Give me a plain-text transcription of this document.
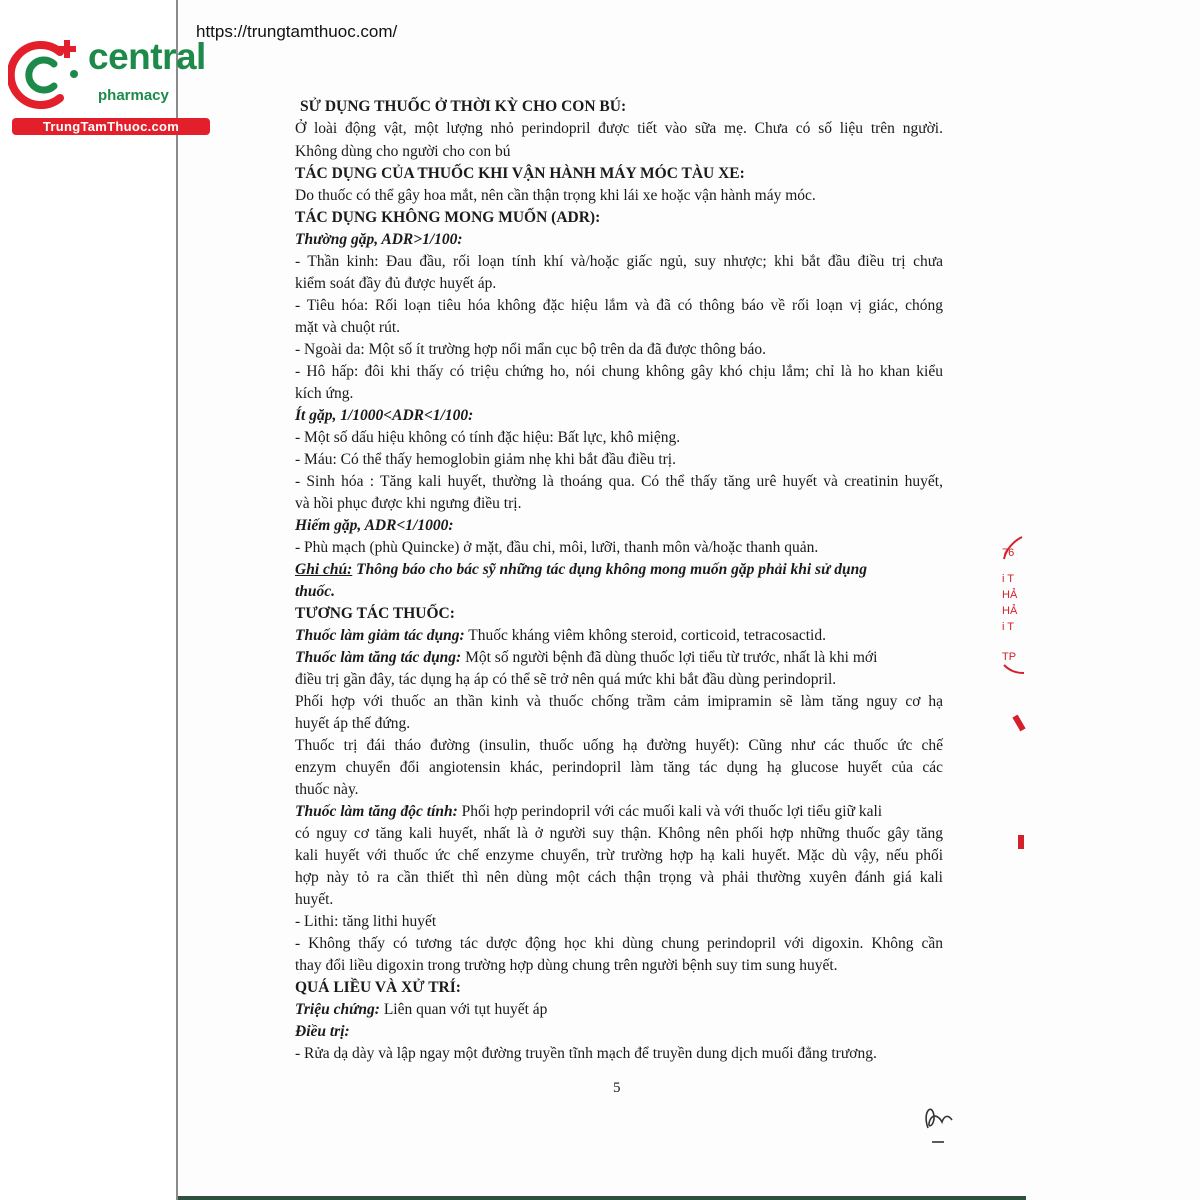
https://trungtamthuoc.com/
central
pharmacy
TrungTamThuoc.com
SỬ DỤNG THUỐC Ở THỜI KỲ CHO CON BÚ:
Ở loài động vật, một lượng nhỏ perindopril được tiết vào sữa mẹ. Chưa có số liệu trên người.
Không dùng cho người cho con bú
TÁC DỤNG CỦA THUỐC KHI VẬN HÀNH MÁY MÓC TÀU XE:
Do thuốc có thể gây hoa mắt, nên cần thận trọng khi lái xe hoặc vận hành máy móc.
TÁC DỤNG KHÔNG MONG MUỐN (ADR):
Thường gặp, ADR>1/100:
- Thần kinh: Đau đầu, rối loạn tính khí và/hoặc giấc ngủ, suy nhược; khi bắt đầu điều trị chưa
kiểm soát đầy đủ được huyết áp.
- Tiêu hóa: Rối loạn tiêu hóa không đặc hiệu lắm và đã có thông báo về rối loạn vị giác, chóng
mặt và chuột rút.
- Ngoài da: Một số ít trường hợp nổi mẩn cục bộ trên da đã được thông báo.
- Hô hấp: đôi khi thấy có triệu chứng ho, nói chung không gây khó chịu lắm; chỉ là ho khan kiểu
kích ứng.
Ít gặp, 1/1000<ADR<1/100:
- Một số dấu hiệu không có tính đặc hiệu: Bất lực, khô miệng.
- Máu: Có thể thấy hemoglobin giảm nhẹ khi bắt đầu điều trị.
- Sinh hóa : Tăng kali huyết, thường là thoáng qua. Có thể thấy tăng urê huyết và creatinin huyết,
và hồi phục được khi ngưng điều trị.
Hiếm gặp, ADR<1/1000:
- Phù mạch (phù Quincke) ở mặt, đầu chi, môi, lưỡi, thanh môn và/hoặc thanh quản.
Ghi chú: Thông báo cho bác sỹ những tác dụng không mong muốn gặp phải khi sử dụng
thuốc.
TƯƠNG TÁC THUỐC:
Thuốc làm giảm tác dụng: Thuốc kháng viêm không steroid, corticoid, tetracosactid.
Thuốc làm tăng tác dụng: Một số người bệnh đã dùng thuốc lợi tiểu từ trước, nhất là khi mới
điều trị gần đây, tác dụng hạ áp có thể sẽ trở nên quá mức khi bắt đầu dùng perindopril.
Phối hợp với thuốc an thần kinh và thuốc chống trầm cảm imipramin sẽ làm tăng nguy cơ hạ
huyết áp thế đứng.
Thuốc trị đái tháo đường (insulin, thuốc uống hạ đường huyết): Cũng như các thuốc ức chế
enzym chuyển đổi angiotensin khác, perindopril làm tăng tác dụng hạ glucose huyết của các
thuốc này.
Thuốc làm tăng độc tính: Phối hợp perindopril với các muối kali và với thuốc lợi tiểu giữ kali
có nguy cơ tăng kali huyết, nhất là ở người suy thận. Không nên phối hợp những thuốc gây tăng
kali huyết với thuốc ức chế enzyme chuyển, trừ trường hợp hạ kali huyết. Mặc dù vậy, nếu phối
hợp này tỏ ra cần thiết thì nên dùng một cách thận trọng và phải thường xuyên đánh giá kali
huyết.
- Lithi: tăng lithi huyết
- Không thấy có tương tác dược động học khi dùng chung perindopril với digoxin. Không cần
thay đổi liều digoxin trong trường hợp dùng chung trên người bệnh suy tim sung huyết.
QUÁ LIỀU VÀ XỬ TRÍ:
Triệu chứng: Liên quan với tụt huyết áp
Điều trị:
- Rửa dạ dày và lập ngay một đường truyền tĩnh mạch để truyền dung dịch muối đẳng trương.
5
76
i T
HẢ
HẢ
i T
TP
